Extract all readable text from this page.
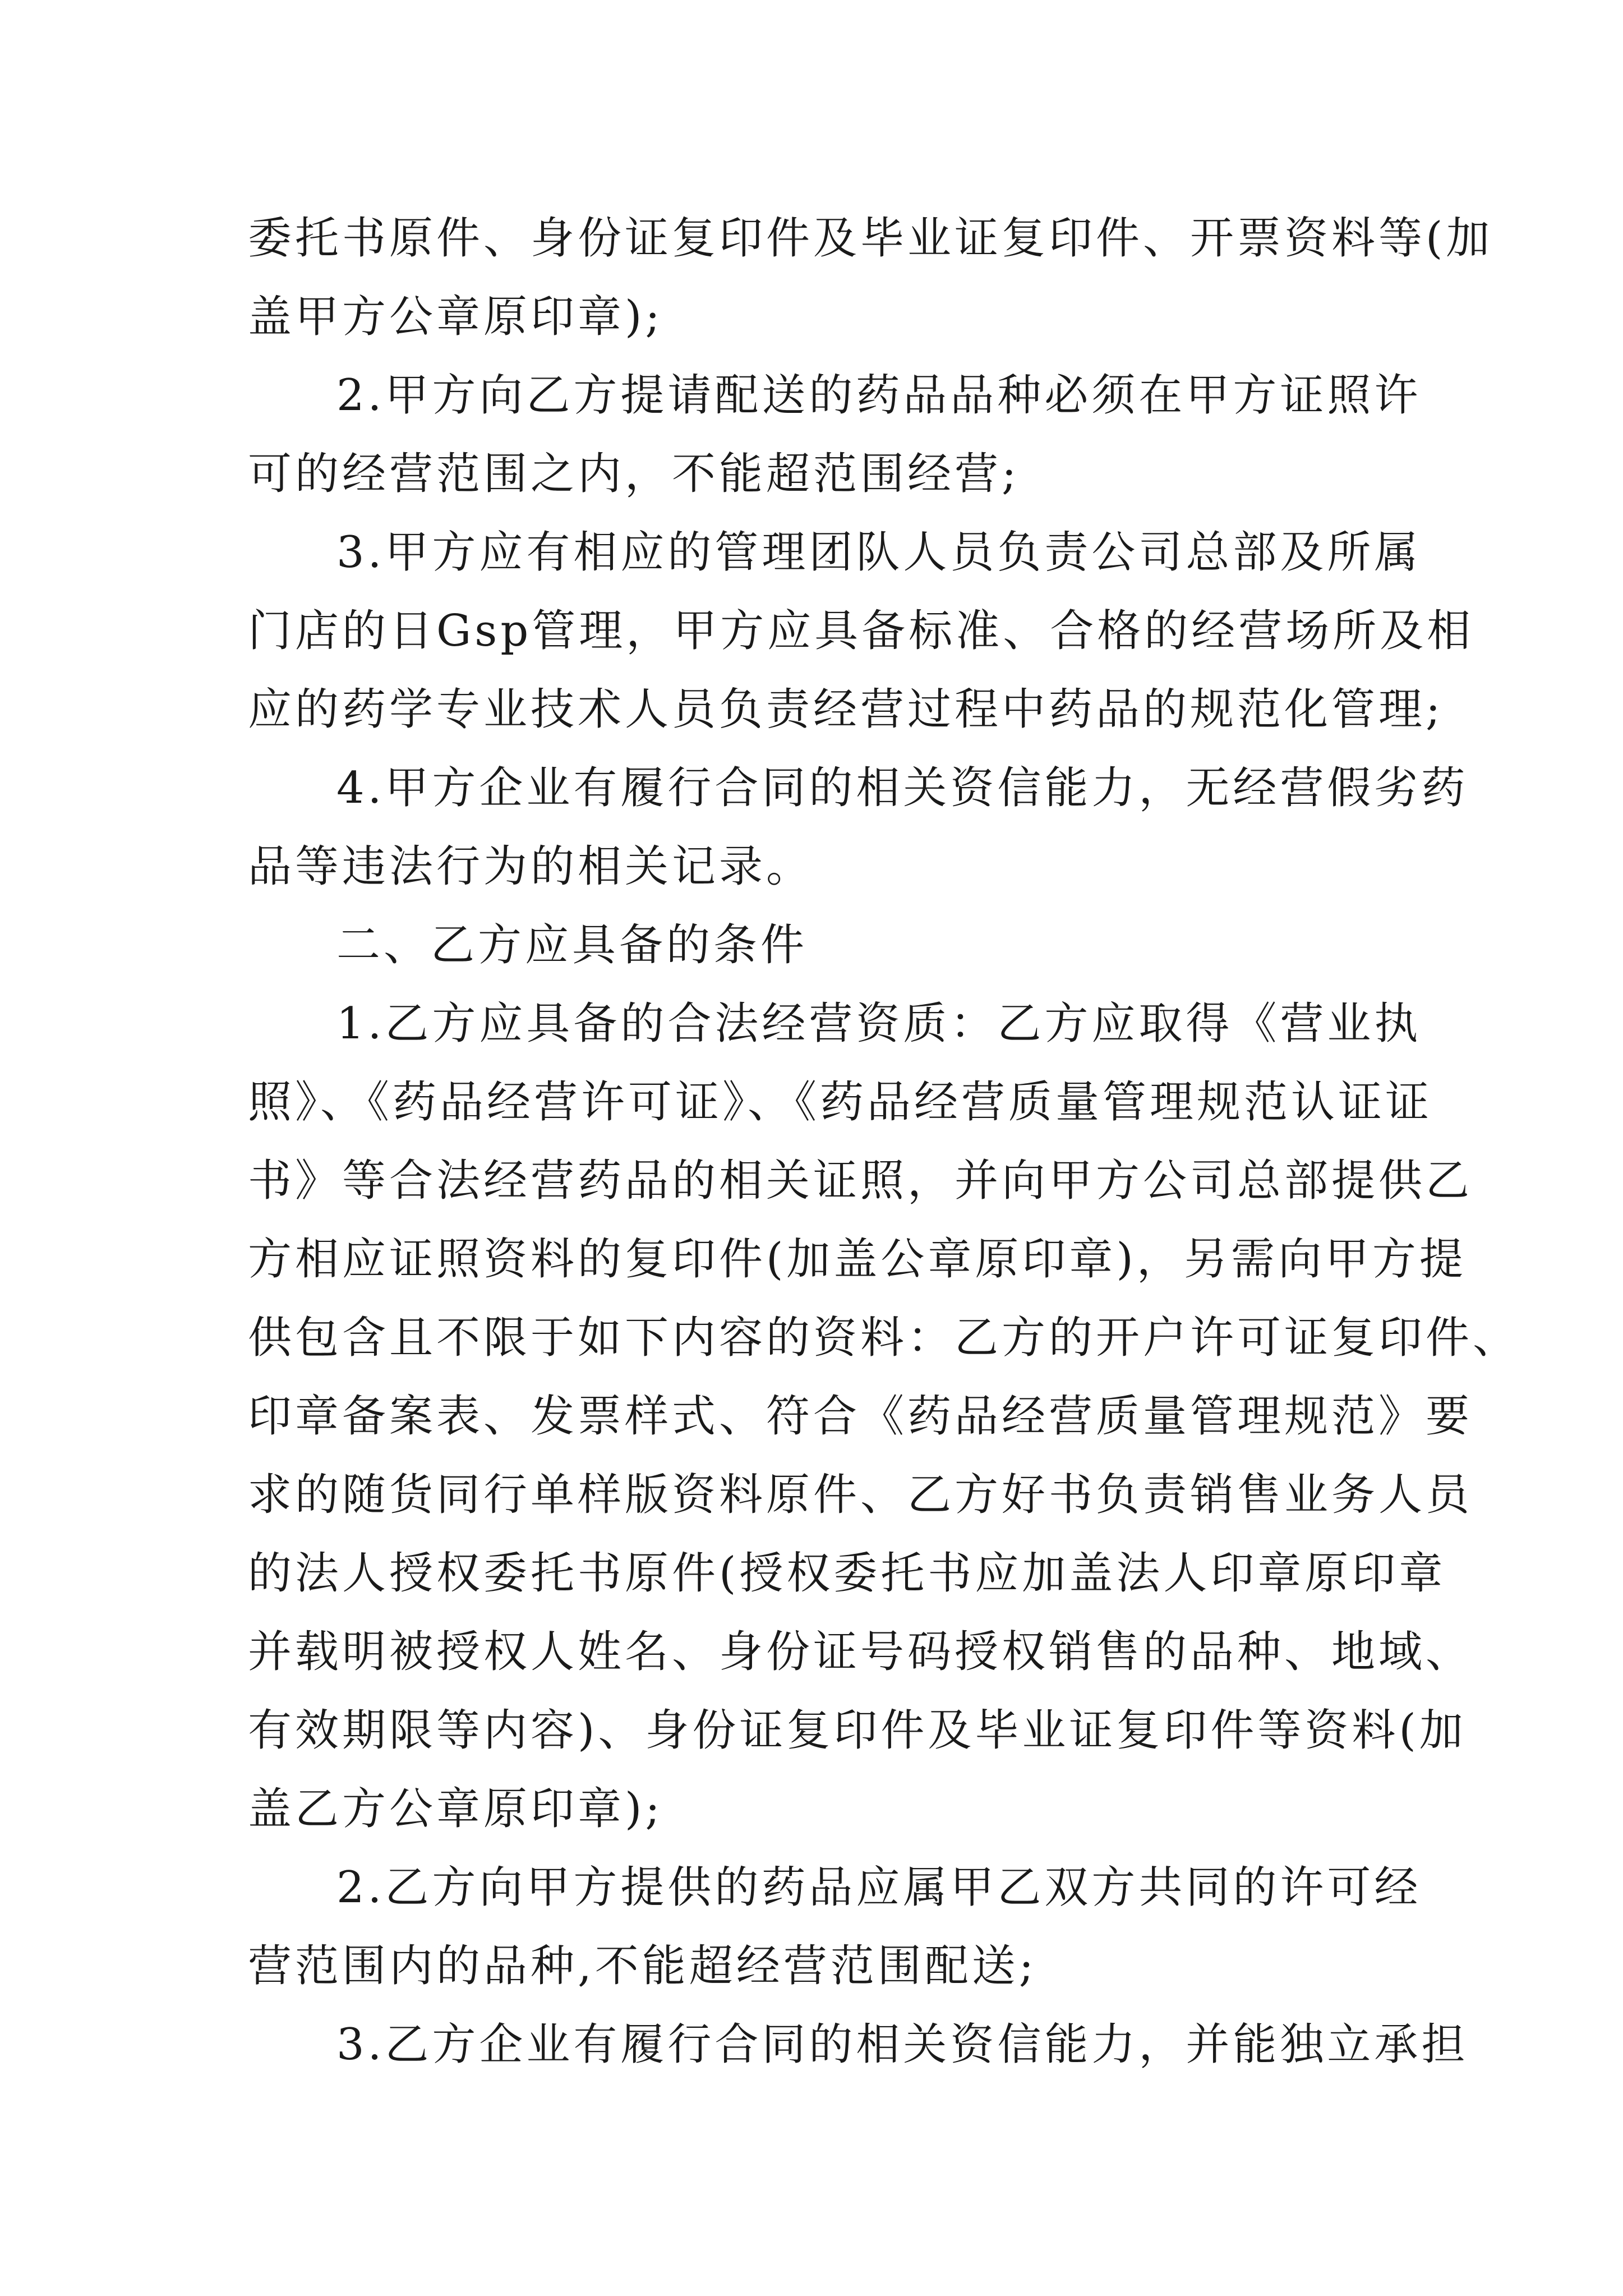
委托书原件、身份证复印件及毕业证复印件、开票资料等(加
盖甲方公章原印章);
2.甲方向乙方提请配送的药品品种必须在甲方证照许
可的经营范围之内，不能超范围经营;
3.甲方应有相应的管理团队人员负责公司总部及所属
门店的日Gsp管理，甲方应具备标准、合格的经营场所及相
应的药学专业技术人员负责经营过程中药品的规范化管理;
4.甲方企业有履行合同的相关资信能力，无经营假劣药
品等违法行为的相关记录。
二、乙方应具备的条件
1.乙方应具备的合法经营资质：乙方应取得《营业执
照》、《药品经营许可证》、《药品经营质量管理规范认证证
书》等合法经营药品的相关证照，并向甲方公司总部提供乙
方相应证照资料的复印件(加盖公章原印章)，另需向甲方提
供包含且不限于如下内容的资料：乙方的开户许可证复印件、
印章备案表、发票样式、符合《药品经营质量管理规范》要
求的随货同行单样版资料原件、乙方好书负责销售业务人员
的法人授权委托书原件(授权委托书应加盖法人印章原印章
并载明被授权人姓名、身份证号码授权销售的品种、地域、
有效期限等内容)、身份证复印件及毕业证复印件等资料(加
盖乙方公章原印章);
2.乙方向甲方提供的药品应属甲乙双方共同的许可经
营范围内的品种,不能超经营范围配送;
3.乙方企业有履行合同的相关资信能力，并能独立承担
